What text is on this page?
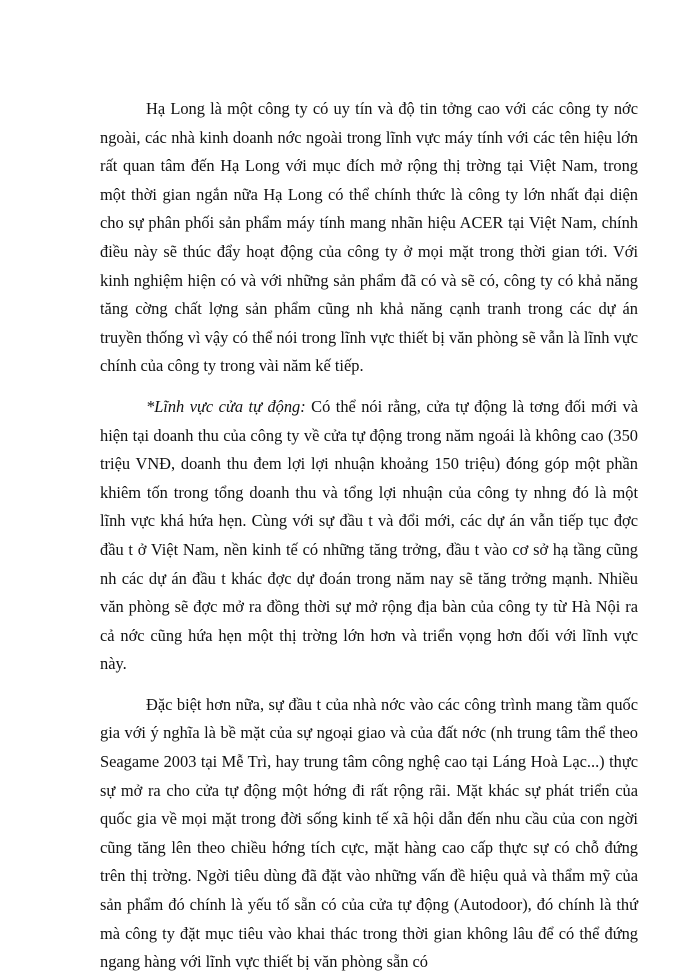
Hạ Long là một công ty có uy tín và độ tin tởng cao với các công ty nớc ngoài, các nhà kinh doanh nớc ngoài trong lĩnh vực máy tính với các tên hiệu lớn rất quan tâm đến Hạ Long với mục đích mở rộng thị trờng tại Việt Nam, trong một thời gian ngắn nữa Hạ Long có thể chính thức là công ty lớn nhất đại diện cho sự phân phối sản phẩm máy tính mang nhãn hiệu ACER tại Việt Nam, chính điều này sẽ thúc đẩy hoạt động của công ty ở mọi mặt trong thời gian tới. Với kinh nghiệm hiện có và với những sản phẩm đã có và sẽ có, công ty có khả năng tăng cờng chất lợng sản phẩm cũng nh khả năng cạnh tranh trong các dự án truyền thống vì vậy có thể nói trong lĩnh vực thiết bị văn phòng sẽ vẫn là lĩnh vực chính của công ty trong vài năm kế tiếp.

*Lĩnh vực cửa tự động: Có thể nói rằng, cửa tự động là tơng đối mới và hiện tại doanh thu của công ty về cửa tự động trong năm ngoái là không cao (350 triệu VNĐ, doanh thu đem lợi lợi nhuận khoảng 150 triệu) đóng góp một phần khiêm tốn trong tổng doanh thu và tổng lợi nhuận của công ty nhng đó là một lĩnh vực khá hứa hẹn. Cùng với sự đầu t và đổi mới, các dự án vẫn tiếp tục đợc đầu t ở Việt Nam, nền kinh tế có những tăng trởng, đầu t vào cơ sở hạ tầng cũng nh các dự án đầu t khác đợc dự đoán trong năm nay sẽ tăng trởng mạnh. Nhiều văn phòng sẽ đợc mở ra đồng thời sự mở rộng địa bàn của công ty từ Hà Nội ra cả nớc cũng hứa hẹn một thị trờng lớn hơn và triển vọng hơn đối với lĩnh vực này.

Đặc biệt hơn nữa, sự đầu t của nhà nớc vào các công trình mang tầm quốc gia với ý nghĩa là bề mặt của sự ngoại giao và của đất nớc (nh trung tâm thể theo Seagame 2003 tại Mễ Trì, hay trung tâm công nghệ cao tại Láng Hoà Lạc...) thực sự mở ra cho cửa tự động một hớng đi rất rộng rãi. Mặt khác sự phát triển của quốc gia về mọi mặt trong đời sống kinh tế xã hội dẫn đến nhu cầu của con ngời cũng tăng lên theo chiều hớng tích cực, mặt hàng cao cấp thực sự có chỗ đứng trên thị trờng. Ngời tiêu dùng đã đặt vào những vấn đề hiệu quả và thẩm mỹ của sản phẩm đó chính là yếu tố sẵn có của cửa tự động (Autodoor), đó chính là thứ mà công ty đặt mục tiêu vào khai thác trong thời gian không lâu để có thể đứng ngang hàng với lĩnh vực thiết bị văn phòng sẵn có
